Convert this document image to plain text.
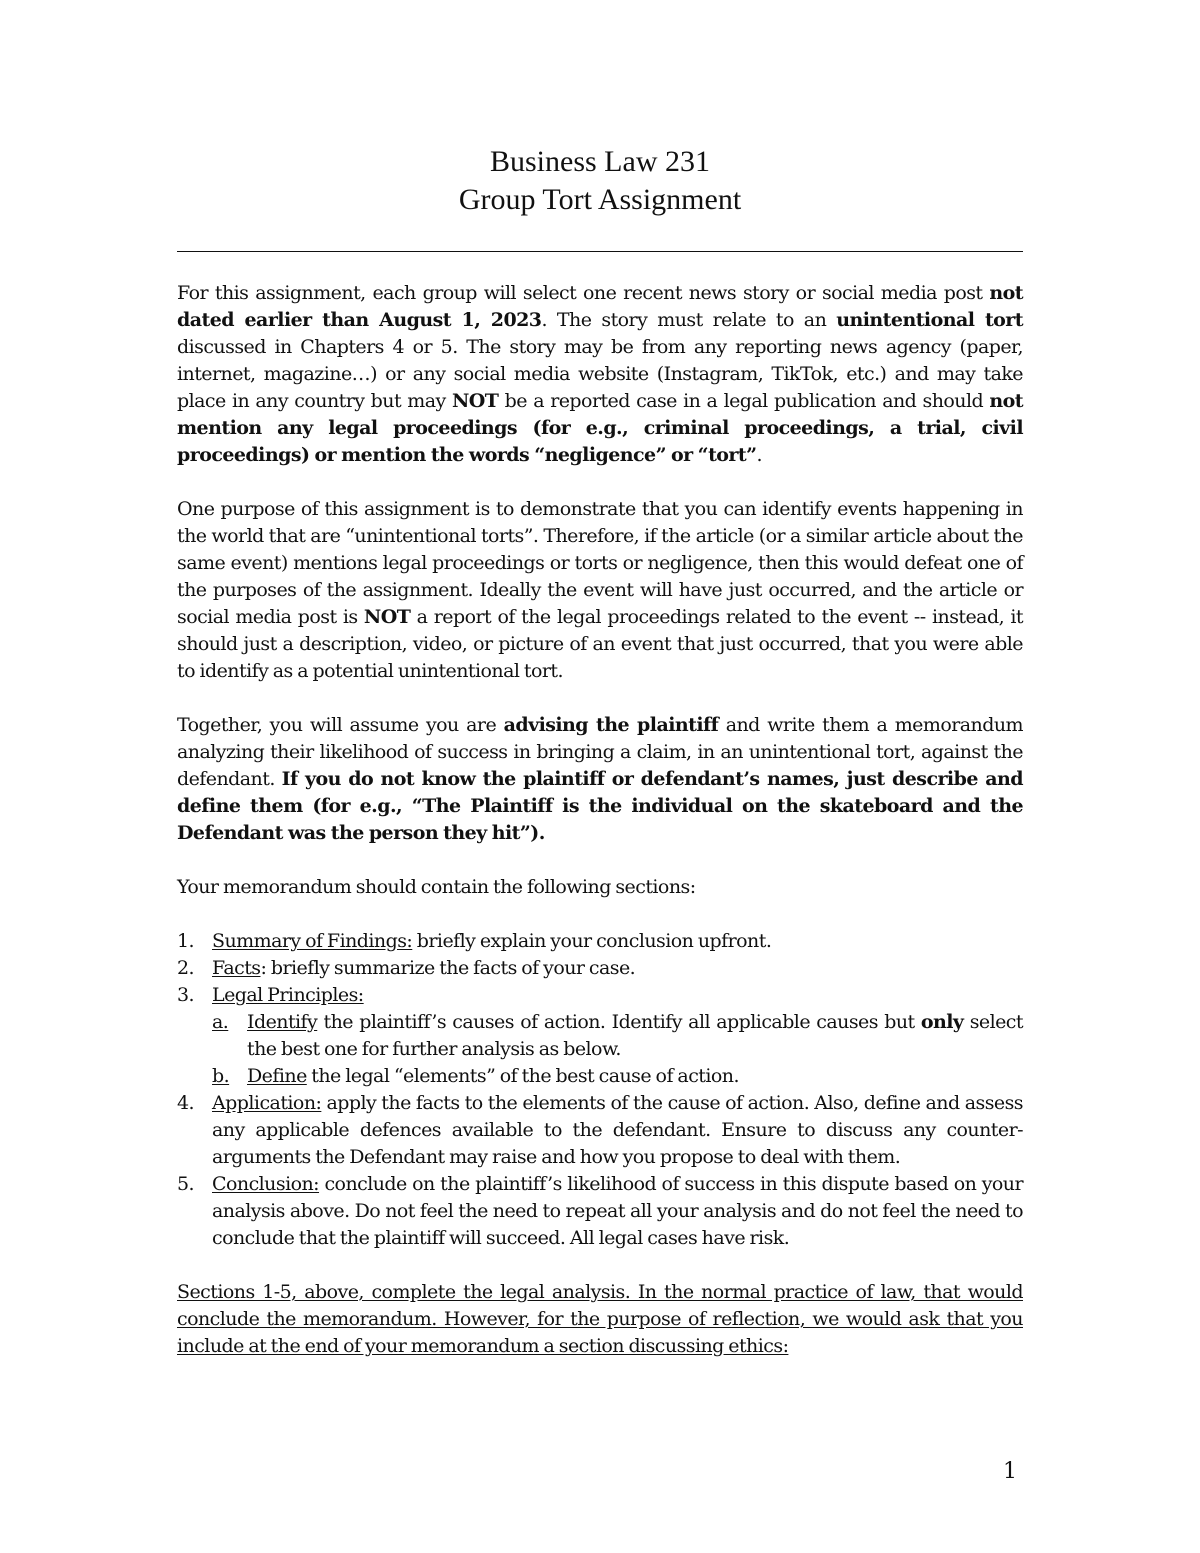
Business Law 231
Group Tort Assignment

For this assignment, each group will select one recent news story or social media post not dated earlier than August 1, 2023. The story must relate to an unintentional tort discussed in Chapters 4 or 5. The story may be from any reporting news agency (paper, internet, magazine…) or any social media website (Instagram, TikTok, etc.) and may take place in any country but may NOT be a reported case in a legal publication and should not mention any legal proceedings (for e.g., criminal proceedings, a trial, civil proceedings) or mention the words “negligence” or “tort”.

One purpose of this assignment is to demonstrate that you can identify events happening in the world that are “unintentional torts”. Therefore, if the article (or a similar article about the same event) mentions legal proceedings or torts or negligence, then this would defeat one of the purposes of the assignment. Ideally the event will have just occurred, and the article or social media post is NOT a report of the legal proceedings related to the event -- instead, it should just a description, video, or picture of an event that just occurred, that you were able to identify as a potential unintentional tort.

Together, you will assume you are advising the plaintiff and write them a memorandum analyzing their likelihood of success in bringing a claim, in an unintentional tort, against the defendant. If you do not know the plaintiff or defendant’s names, just describe and define them (for e.g., “The Plaintiff is the individual on the skateboard and the Defendant was the person they hit”).

Your memorandum should contain the following sections:

1. Summary of Findings: briefly explain your conclusion upfront.
2. Facts: briefly summarize the facts of your case.
3. Legal Principles:
a. Identify the plaintiff’s causes of action. Identify all applicable causes but only select the best one for further analysis as below.
b. Define the legal “elements” of the best cause of action.
4. Application: apply the facts to the elements of the cause of action. Also, define and assess any applicable defences available to the defendant. Ensure to discuss any counter-arguments the Defendant may raise and how you propose to deal with them.
5. Conclusion: conclude on the plaintiff’s likelihood of success in this dispute based on your analysis above. Do not feel the need to repeat all your analysis and do not feel the need to conclude that the plaintiff will succeed. All legal cases have risk.

Sections 1-5, above, complete the legal analysis. In the normal practice of law, that would conclude the memorandum. However, for the purpose of reflection, we would ask that you include at the end of your memorandum a section discussing ethics:

1
